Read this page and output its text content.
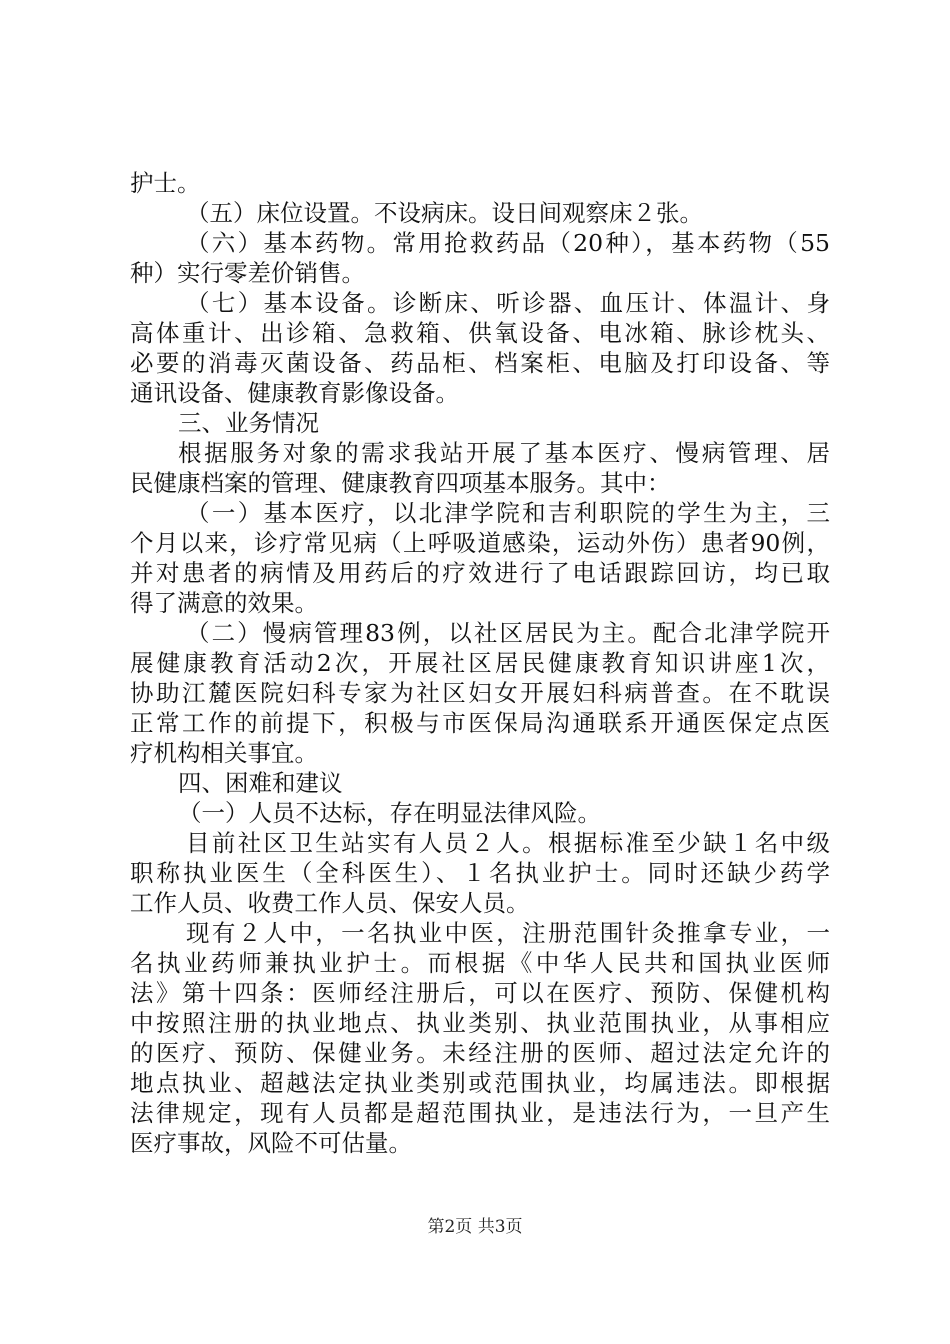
护士。
（五）床位设置。不设病床。设日间观察床２张。
（六）基本药物。常用抢救药品（20种），基本药物（55
种）实行零差价销售。
（七）基本设备。诊断床、听诊器、血压计、体温计、身
高体重计、出诊箱、急救箱、供氧设备、电冰箱、脉诊枕头、
必要的消毒灭菌设备、药品柜、档案柜、电脑及打印设备、等
通讯设备、健康教育影像设备。
三、业务情况
根据服务对象的需求我站开展了基本医疗、慢病管理、居
民健康档案的管理、健康教育四项基本服务。其中：
（一）基本医疗，以北津学院和吉利职院的学生为主，三
个月以来，诊疗常见病（上呼吸道感染，运动外伤）患者90例，
并对患者的病情及用药后的疗效进行了电话跟踪回访，均已取
得了满意的效果。
（二）慢病管理83例，以社区居民为主。配合北津学院开
展健康教育活动2次，开展社区居民健康教育知识讲座1次，
协助江麓医院妇科专家为社区妇女开展妇科病普查。在不耽误
正常工作的前提下，积极与市医保局沟通联系开通医保定点医
疗机构相关事宜。
四、困难和建议
（一）人员不达标，存在明显法律风险。
目前社区卫生站实有人员２人。根据标准至少缺１名中级
职称执业医生（全科医生）、１名执业护士。同时还缺少药学
工作人员、收费工作人员、保安人员。
现有２人中，一名执业中医，注册范围针灸推拿专业，一
名执业药师兼执业护士。而根据《中华人民共和国执业医师
法》第十四条：医师经注册后，可以在医疗、预防、保健机构
中按照注册的执业地点、执业类别、执业范围执业，从事相应
的医疗、预防、保健业务。未经注册的医师、超过法定允许的
地点执业、超越法定执业类别或范围执业，均属违法。即根据
法律规定，现有人员都是超范围执业，是违法行为，一旦产生
医疗事故，风险不可估量。
第2页 共3页
